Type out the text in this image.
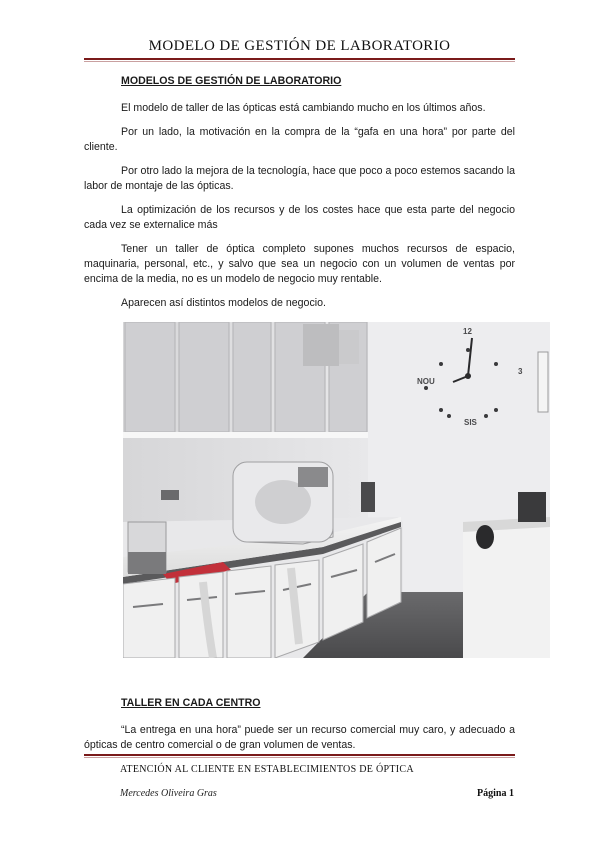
MODELO DE GESTIÓN DE LABORATORIO

MODELOS DE GESTIÓN DE LABORATORIO

El modelo de taller de las ópticas está cambiando mucho en los últimos años.

Por un lado, la motivación en la compra de la “gafa en una hora” por parte del cliente.

Por otro lado la mejora de la tecnología, hace que poco a poco estemos sacando la labor de montaje de las ópticas.

La optimización de los recursos y de los costes hace que esta parte del negocio cada vez se externalice más

Tener un taller de óptica completo supones muchos recursos de espacio, maquinaria, personal, etc., y salvo que sea un negocio con un volumen de ventas por encima de la media, no es un modelo de negocio muy rentable.

Aparecen así distintos modelos de negocio.

12
NOU
3
SIS

TALLER EN CADA CENTRO

“La entrega en una hora” puede ser un recurso comercial muy caro, y adecuado a ópticas de centro comercial o de gran volumen de ventas.

ATENCIÓN AL CLIENTE EN ESTABLECIMIENTOS DE ÓPTICA
Mercedes Oliveira Gras	Página 1
